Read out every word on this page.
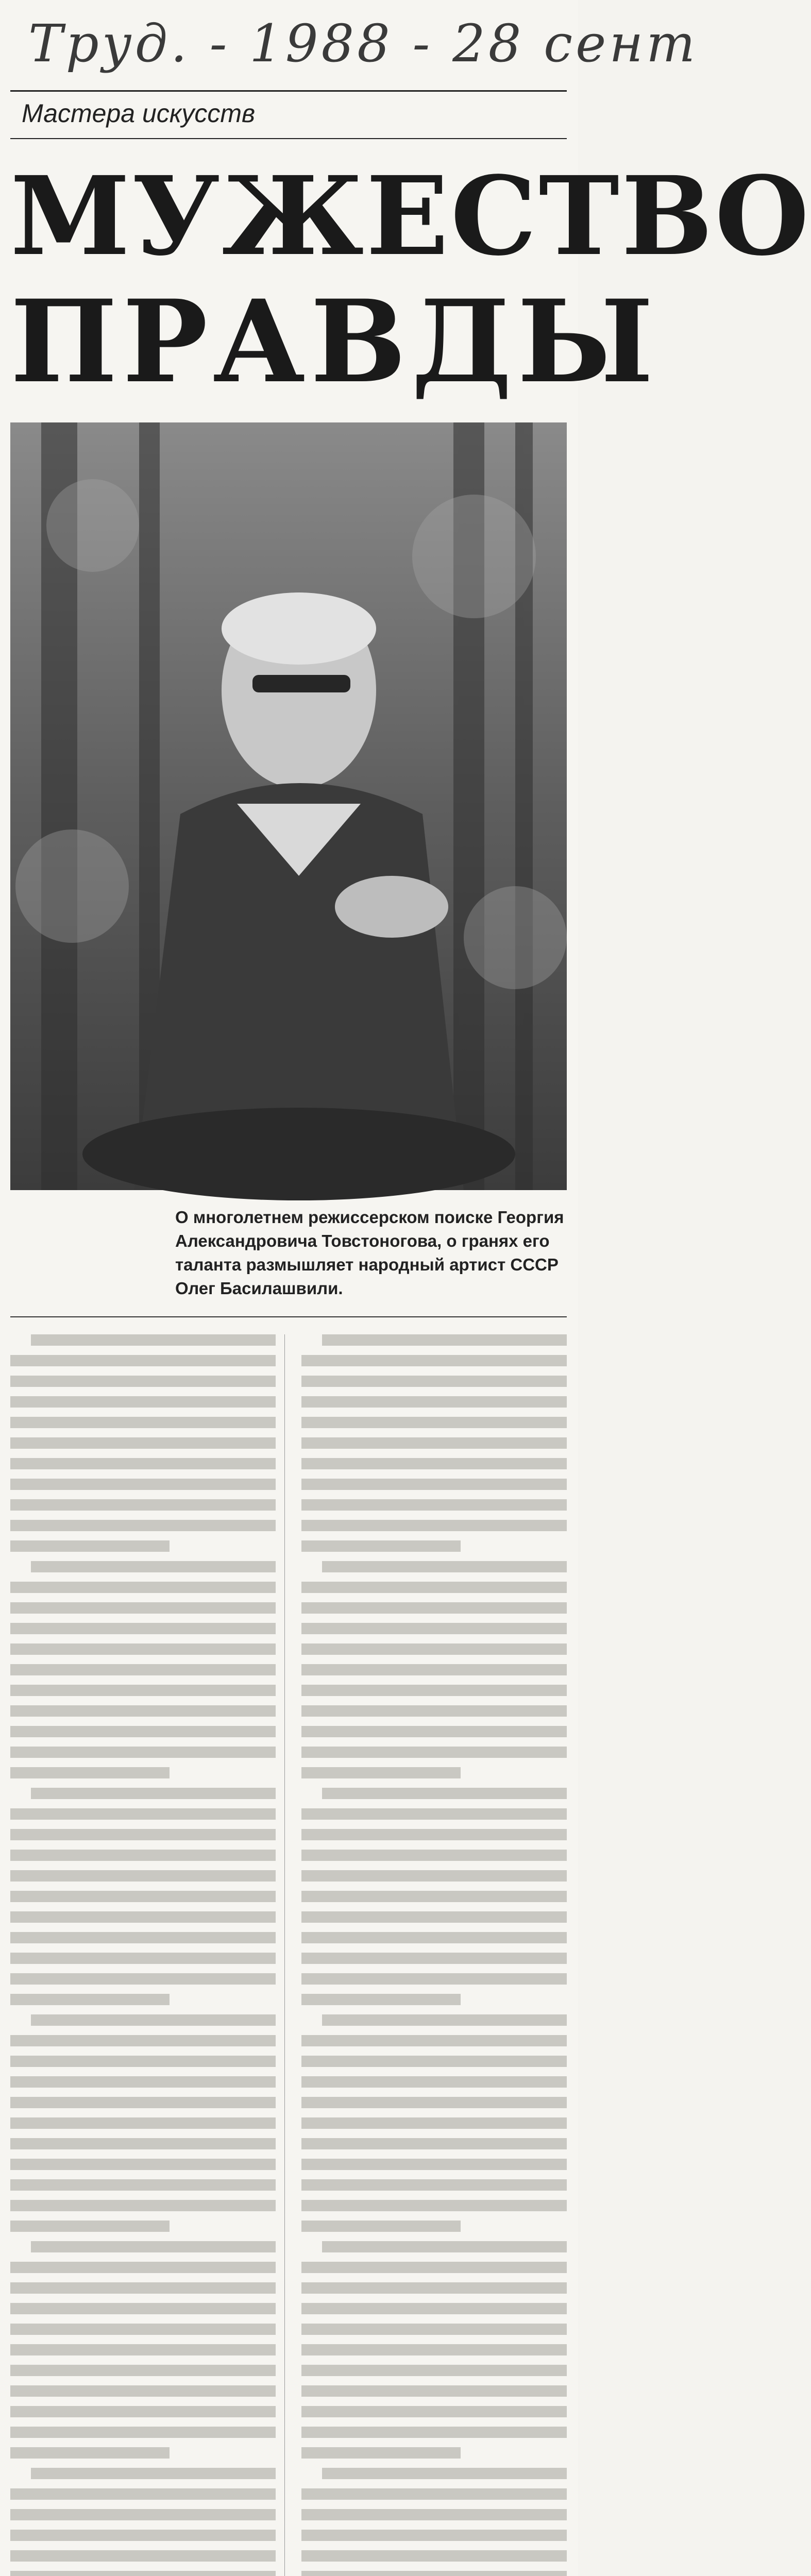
Труд. - 1988 - 28 сент
Мастера искусств
МУЖЕСТВО
ПРАВДЫ
О многолетнем режиссерском поиске Георгия Александровича Товстоногова, о гранях его таланта размышляет народный артист СССР Олег Басилашвили.
